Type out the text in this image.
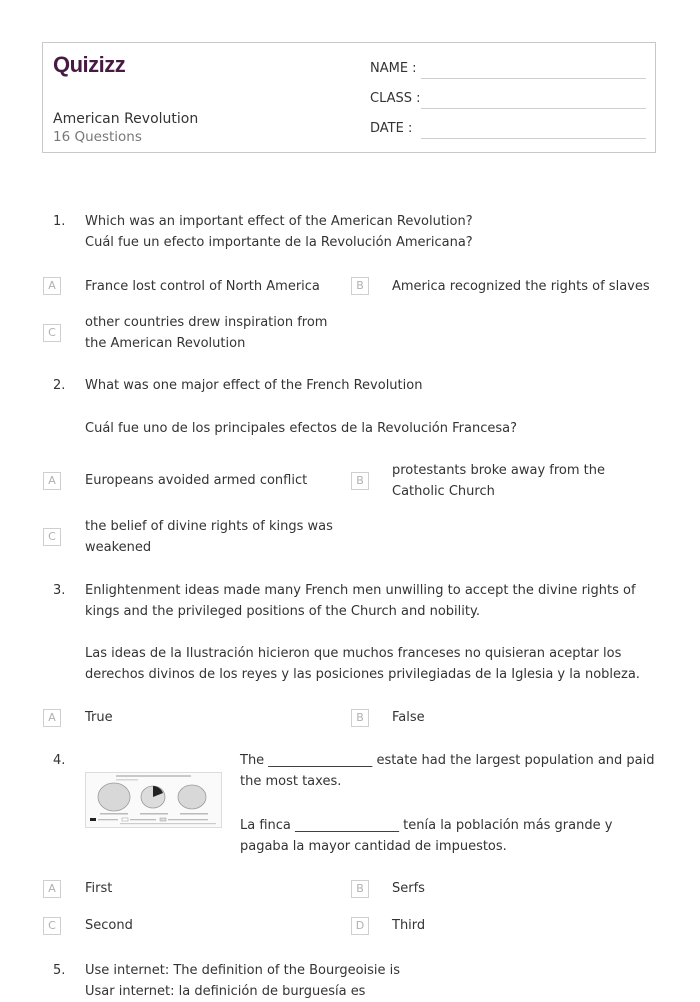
Quizizz
American Revolution
16 Questions
NAME :
CLASS :
DATE :
1. Which was an important effect of the American Revolution?
Cuál fue un efecto importante de la Revolución Americana?
A	France lost control of North America	B	America recognized the rights of slaves
C
other countries drew inspiration from
the American Revolution
2. What was one major effect of the French Revolution
Cuál fue uno de los principales efectos de la Revolución Francesa?
A	Europeans avoided armed conflict	B
protestants broke away from the
Catholic Church
C
the belief of divine rights of kings was
weakened
3. Enlightenment ideas made many French men unwilling to accept the divine rights of
kings and the privileged positions of the Church and nobility.
Las ideas de la Ilustración hicieron que muchos franceses no quisieran aceptar los
derechos divinos de los reyes y las posiciones privilegiadas de la Iglesia y la nobleza.
A	True	B	False
4.	The ________________ estate had the largest population and paid
the most taxes.
La finca ________________ tenía la población más grande y
pagaba la mayor cantidad de impuestos.
A	First	B	Serfs
C	Second	D	Third
5. Use internet: The definition of the Bourgeoisie is
Usar internet: la definición de burguesía es
